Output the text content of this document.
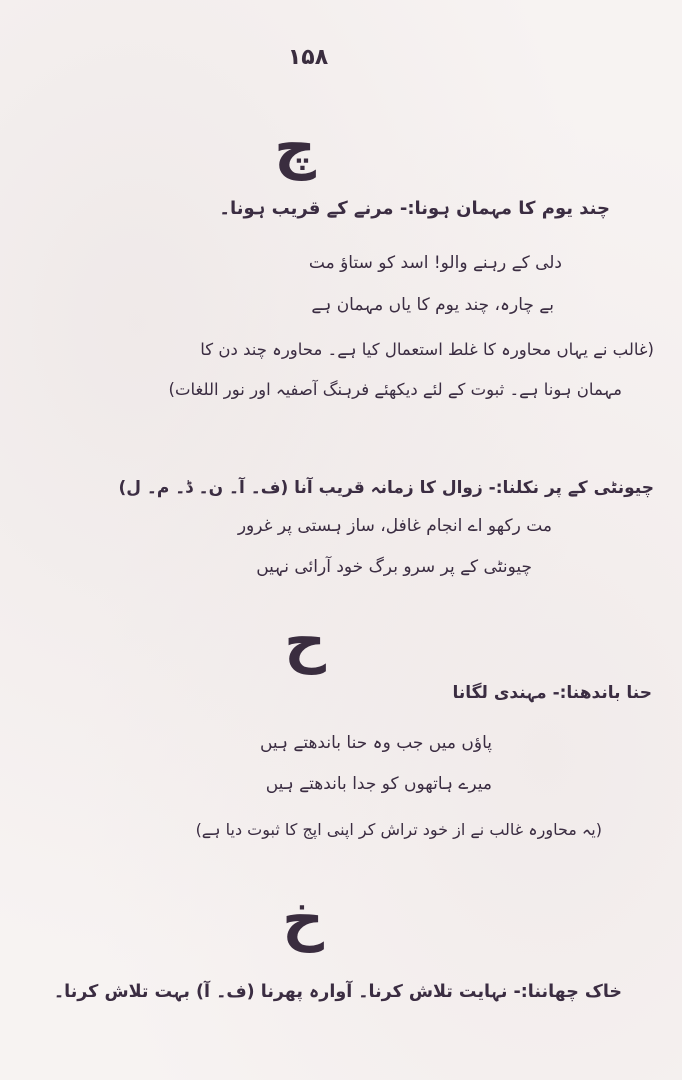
۱۵۸
چ
چند یوم کا مہمان ہونا:- مرنے کے قریب ہونا۔
دلی کے رہنے والو! اسد کو ستاؤ مت
بے چارہ، چند یوم کا یاں مہمان ہے
(غالب نے یہاں محاورہ کا غلط استعمال کیا ہے۔ محاورہ چند دن کا
مہمان ہونا ہے۔ ثبوت کے لئے دیکھئے فرہنگ آصفیہ اور نور اللغات)
چیونٹی کے پر نکلنا:- زوال کا زمانہ قریب آنا (ف۔ آ۔ ن۔ ڈ۔ م۔ ل)
مت رکھو اے انجام غافل، ساز ہستی پر غرور
چیونٹی کے پر سرو برگ خود آرائی نہیں
ح
حنا باندھنا:- مہندی لگانا
پاؤں میں جب وہ حنا باندھتے ہیں
میرے ہاتھوں کو جدا باندھتے ہیں
(یہ محاورہ غالب نے از خود تراش کر اپنی اپج کا ثبوت دیا ہے)
خ
خاک چھاننا:- نہایت تلاش کرنا۔ آوارہ پھرنا (ف۔ آ) بہت تلاش کرنا۔
